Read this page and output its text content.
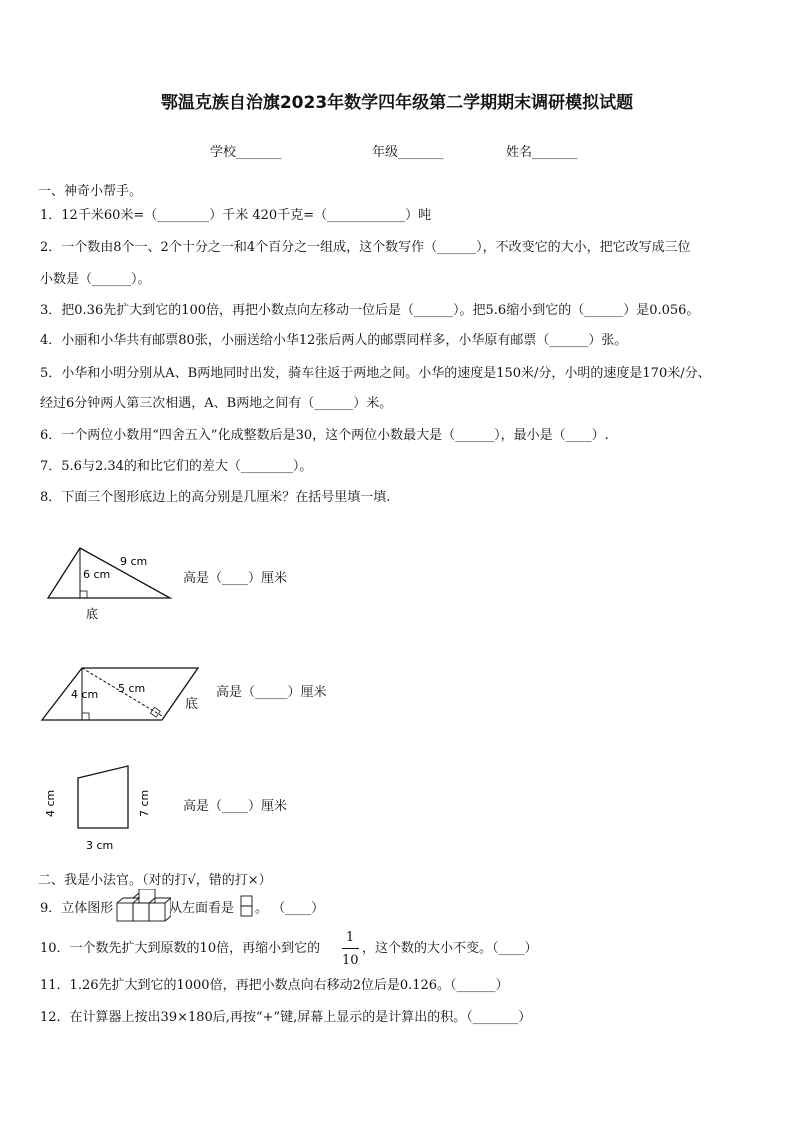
鄂温克族自治旗2023年数学四年级第二学期期末调研模拟试题
学校_______	年级_______	姓名_______
一、神奇小帮手。
1．12千米60米=（________）千米 420千克=（____________）吨
2．一个数由8个一、2个十分之一和4个百分之一组成，这个数写作（______），不改变它的大小，把它改写成三位
小数是（______）。
3．把0.36先扩大到它的100倍，再把小数点向左移动一位后是（______）。把5.6缩小到它的（______）是0.056。
4．小丽和小华共有邮票80张，小丽送给小华12张后两人的邮票同样多，小华原有邮票（______）张。
5．小华和小明分别从A、B两地同时出发，骑车往返于两地之间。小华的速度是150米/分，小明的速度是170米/分、
经过6分钟两人第三次相遇，A、B两地之间有（______）米。
6．一个两位小数用“四舍五入”化成整数后是30，这个两位小数最大是（______），最小是（____）.
7．5.6与2.34的和比它们的差大（________）。
8．下面三个图形底边上的高分别是几厘米？在括号里填一填.
9 cm
6 cm
底
高是（____）厘米
5 cm
4 cm
底
高是（_____）厘米
4 cm	7 cm
3 cm
高是（____）厘米
二、我是小法官。（对的打√，错的打×）
9．立体图形	从左面看是 。 （____）
10．一个数先扩大到原数的10倍，再缩小到它的
1
10
，这个数的大小不变。（____）
11．1.26先扩大到它的1000倍，再把小数点向右移动2位后是0.126。（______）
12．在计算器上按出39×180后,再按“+”键,屏幕上显示的是计算出的积。（_______）
